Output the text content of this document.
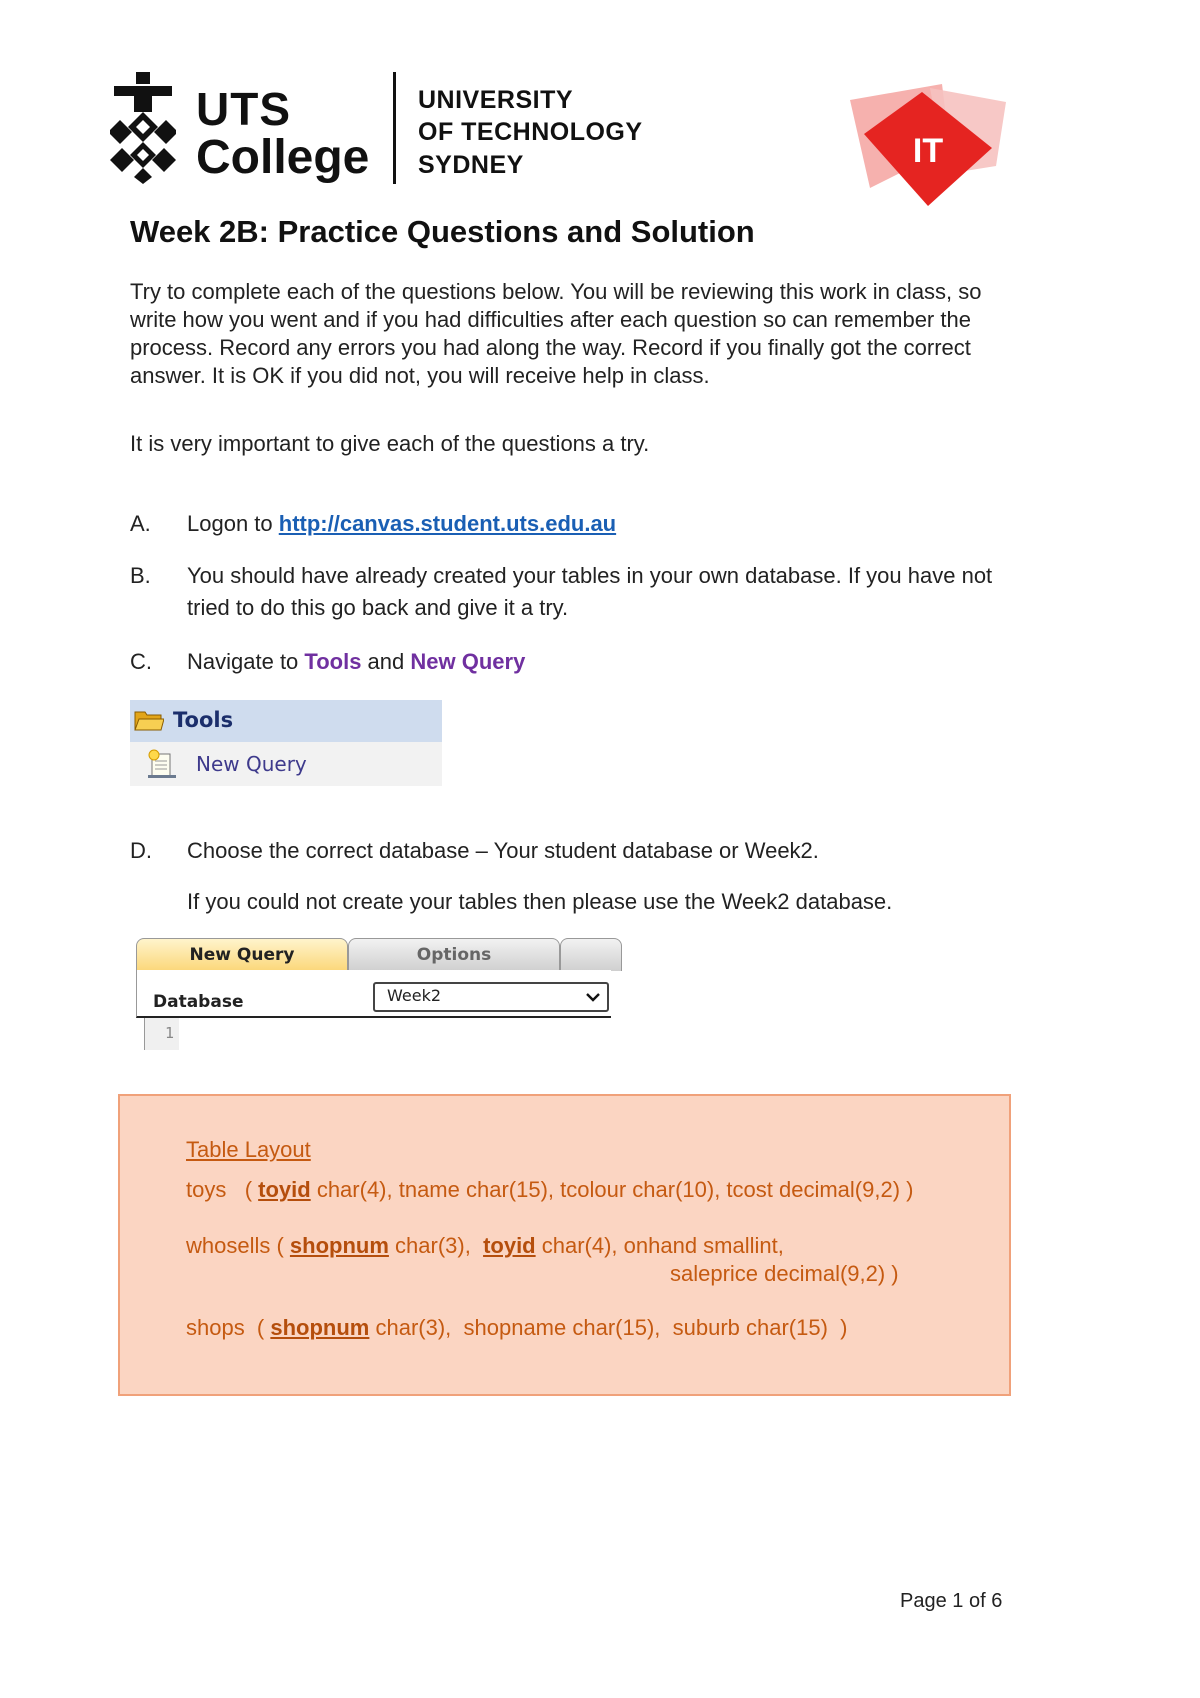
UTS
College
UNIVERSITY
OF TECHNOLOGY
SYDNEY	IT
Week 2B: Practice Questions and Solution
Try to complete each of the questions below. You will be reviewing this work in class, so write how you went and if you had difficulties after each question so can remember the process. Record any errors you had along the way. Record if you finally got the correct answer. It is OK if you did not, you will receive help in class.
It is very important to give each of the questions a try.
A. Logon to http://canvas.student.uts.edu.au
B. You should have already created your tables in your own database. If you have not tried to do this go back and give it a try.
C. Navigate to Tools and New Query
Tools
New Query
D. Choose the correct database – Your student database or Week2.
If you could not create your tables then please use the Week2 database.
New Query	Options
Database	Week2
1
Table Layout
toys   ( toyid char(4), tname char(15), tcolour char(10), tcost decimal(9,2) )
whosells ( shopnum char(3),  toyid char(4), onhand smallint,
saleprice decimal(9,2) )
shops  ( shopnum char(3),  shopname char(15),  suburb char(15)  )
Page 1 of 6
